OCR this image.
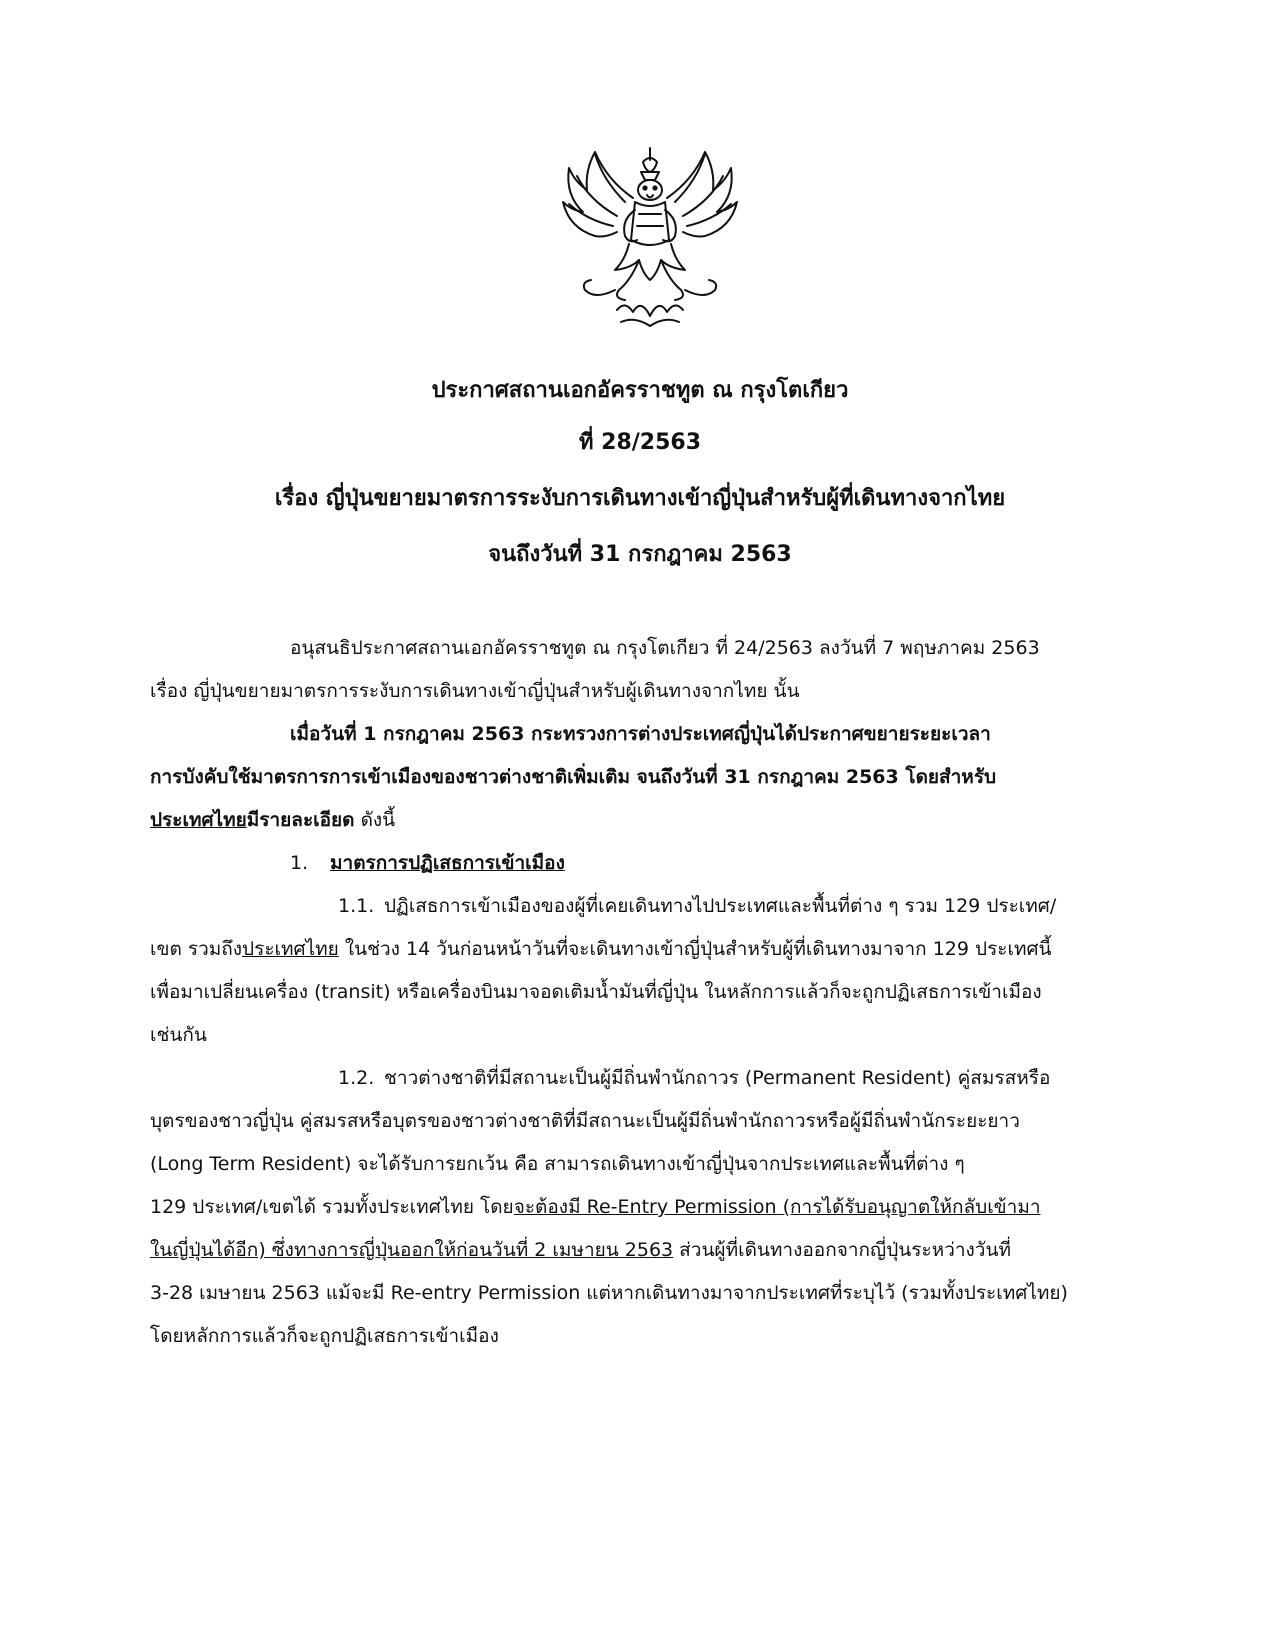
ประกาศสถานเอกอัครราชทูต ณ กรุงโตเกียว
ที่ 28/2563
เรื่อง ญี่ปุ่นขยายมาตรการระงับการเดินทางเข้าญี่ปุ่นสำหรับผู้ที่เดินทางจากไทย
จนถึงวันที่ 31 กรกฎาคม 2563
อนุสนธิประกาศสถานเอกอัครราชทูต ณ กรุงโตเกียว ที่ 24/2563 ลงวันที่ 7 พฤษภาคม 2563
เรื่อง ญี่ปุ่นขยายมาตรการระงับการเดินทางเข้าญี่ปุ่นสำหรับผู้เดินทางจากไทย นั้น
เมื่อวันที่ 1 กรกฎาคม 2563 กระทรวงการต่างประเทศญี่ปุ่นได้ประกาศขยายระยะเวลา
การบังคับใช้มาตรการการเข้าเมืองของชาวต่างชาติเพิ่มเติม จนถึงวันที่ 31 กรกฎาคม 2563 โดยสำหรับ
ประเทศไทยมีรายละเอียด ดังนี้
1. มาตรการปฏิเสธการเข้าเมือง
1.1. ปฏิเสธการเข้าเมืองของผู้ที่เคยเดินทางไปประเทศและพื้นที่ต่าง ๆ รวม 129 ประเทศ/
เขต รวมถึงประเทศไทย ในช่วง 14 วันก่อนหน้าวันที่จะเดินทางเข้าญี่ปุ่นสำหรับผู้ที่เดินทางมาจาก 129 ประเทศนี้
เพื่อมาเปลี่ยนเครื่อง (transit) หรือเครื่องบินมาจอดเติมน้ำมันที่ญี่ปุ่น ในหลักการแล้วก็จะถูกปฏิเสธการเข้าเมือง
เช่นกัน
1.2. ชาวต่างชาติที่มีสถานะเป็นผู้มีถิ่นพำนักถาวร (Permanent Resident) คู่สมรสหรือ
บุตรของชาวญี่ปุ่น คู่สมรสหรือบุตรของชาวต่างชาติที่มีสถานะเป็นผู้มีถิ่นพำนักถาวรหรือผู้มีถิ่นพำนักระยะยาว
(Long Term Resident) จะได้รับการยกเว้น คือ สามารถเดินทางเข้าญี่ปุ่นจากประเทศและพื้นที่ต่าง ๆ
129 ประเทศ/เขตได้ รวมทั้งประเทศไทย โดยจะต้องมี Re-Entry Permission (การได้รับอนุญาตให้กลับเข้ามา
ในญี่ปุ่นได้อีก) ซึ่งทางการญี่ปุ่นออกให้ก่อนวันที่ 2 เมษายน 2563 ส่วนผู้ที่เดินทางออกจากญี่ปุ่นระหว่างวันที่
3-28 เมษายน 2563 แม้จะมี Re-entry Permission แต่หากเดินทางมาจากประเทศที่ระบุไว้ (รวมทั้งประเทศไทย)
โดยหลักการแล้วก็จะถูกปฏิเสธการเข้าเมือง
